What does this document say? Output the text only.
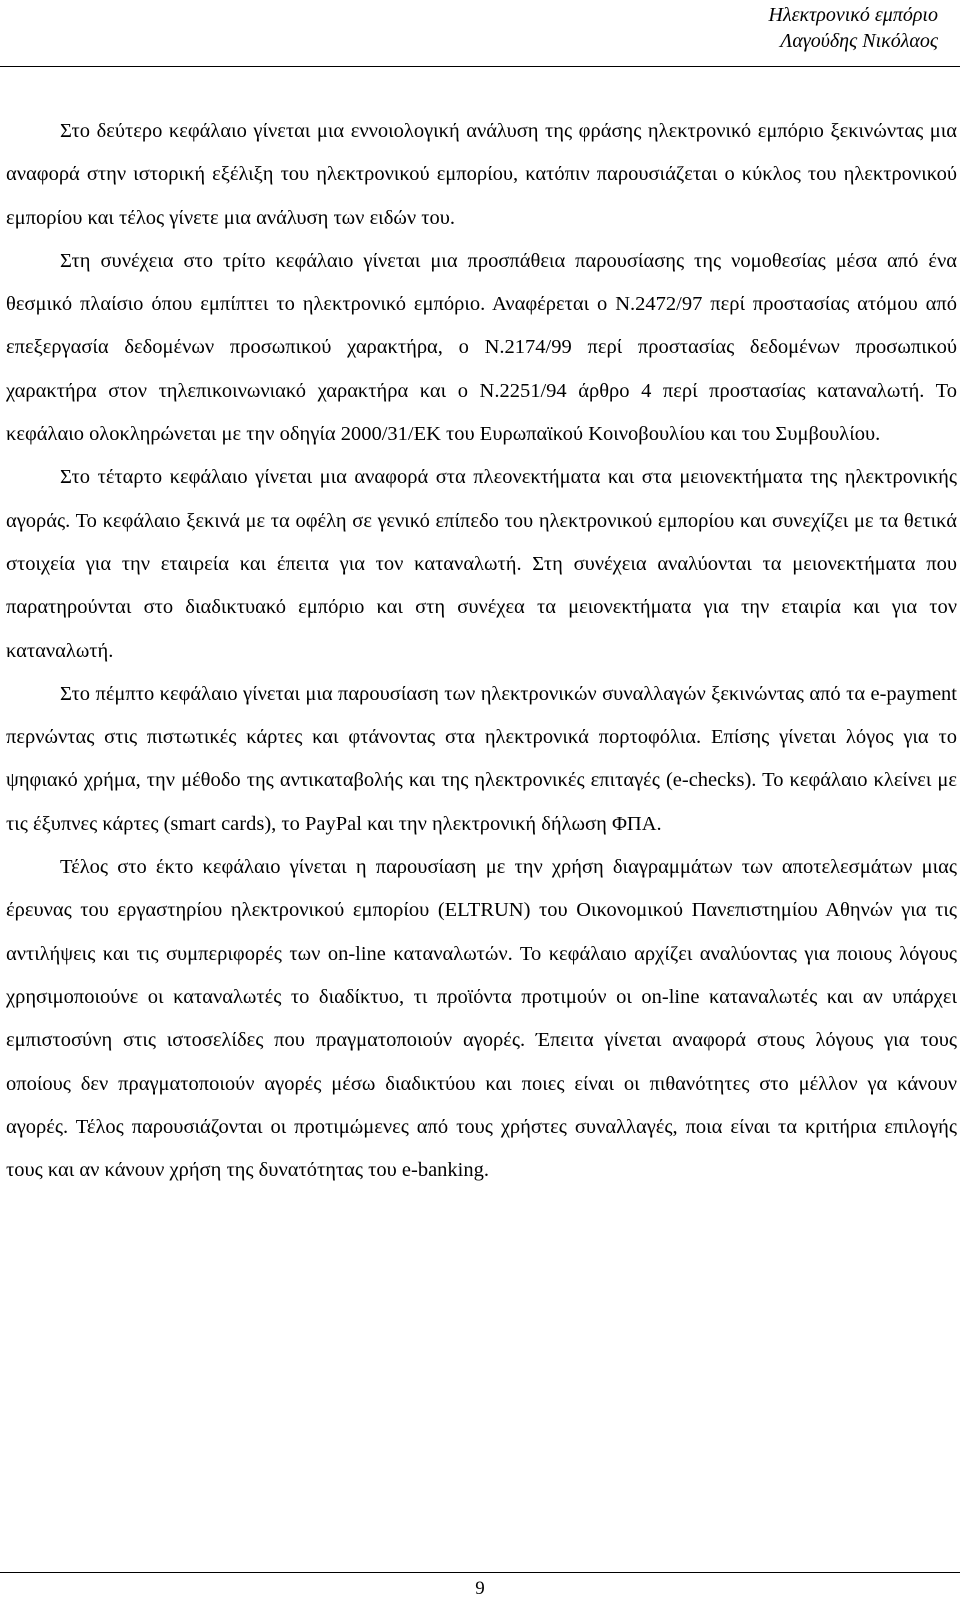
Ηλεκτρονικό εμπόριο
Λαγούδης Νικόλαος

Στο δεύτερο κεφάλαιο γίνεται μια εννοιολογική ανάλυση της φράσης ηλεκτρονικό εμπόριο ξεκινώντας μια αναφορά στην ιστορική εξέλιξη του ηλεκτρονικού εμπορίου, κατόπιν παρουσιάζεται ο κύκλος του ηλεκτρονικού εμπορίου και τέλος γίνετε μια ανάλυση των ειδών του.

Στη συνέχεια στο τρίτο κεφάλαιο γίνεται μια προσπάθεια παρουσίασης της νομοθεσίας μέσα από ένα θεσμικό πλαίσιο όπου εμπίπτει το ηλεκτρονικό εμπόριο. Αναφέρεται ο Ν.2472/97 περί προστασίας ατόμου από επεξεργασία δεδομένων προσωπικού χαρακτήρα, ο Ν.2174/99 περί προστασίας δεδομένων προσωπικού χαρακτήρα στον τηλεπικοινωνιακό χαρακτήρα και ο Ν.2251/94 άρθρο 4 περί προστασίας καταναλωτή. Το κεφάλαιο ολοκληρώνεται με την οδηγία 2000/31/ΕΚ του Ευρωπαϊκού Κοινοβουλίου και του Συμβουλίου.

Στο τέταρτο κεφάλαιο γίνεται μια αναφορά στα πλεονεκτήματα και στα μειονεκτήματα της ηλεκτρονικής αγοράς. Το κεφάλαιο ξεκινά με τα οφέλη σε γενικό επίπεδο του ηλεκτρονικού εμπορίου και συνεχίζει με τα θετικά στοιχεία για την εταιρεία και έπειτα για τον καταναλωτή. Στη συνέχεια αναλύονται τα μειονεκτήματα που παρατηρούνται στο διαδικτυακό εμπόριο και στη συνέχεα τα μειονεκτήματα για την εταιρία και για τον καταναλωτή.

Στο πέμπτο κεφάλαιο γίνεται μια παρουσίαση των ηλεκτρονικών συναλλαγών ξεκινώντας από τα e-payment περνώντας στις πιστωτικές κάρτες και φτάνοντας στα ηλεκτρονικά πορτοφόλια. Επίσης γίνεται λόγος για το ψηφιακό χρήμα, την μέθοδο της αντικαταβολής και της ηλεκτρονικές επιταγές (e-checks). Το κεφάλαιο κλείνει με τις έξυπνες κάρτες (smart cards), το PayPal και την ηλεκτρονική δήλωση ΦΠΑ.

Τέλος στο έκτο κεφάλαιο γίνεται η παρουσίαση με την χρήση διαγραμμάτων των αποτελεσμάτων μιας έρευνας του εργαστηρίου ηλεκτρονικού εμπορίου (ELTRUN) του Οικονομικού Πανεπιστημίου Αθηνών για τις αντιλήψεις και τις συμπεριφορές των on-line καταναλωτών. Το κεφάλαιο αρχίζει αναλύοντας για ποιους λόγους χρησιμοποιούνε οι καταναλωτές το διαδίκτυο, τι προϊόντα προτιμούν οι on-line καταναλωτές και αν υπάρχει εμπιστοσύνη στις ιστοσελίδες που πραγματοποιούν αγορές. Έπειτα γίνεται αναφορά στους λόγους για τους οποίους δεν πραγματοποιούν αγορές μέσω διαδικτύου και ποιες είναι οι πιθανότητες στο μέλλον γα κάνουν αγορές. Τέλος παρουσιάζονται οι προτιμώμενες από τους χρήστες συναλλαγές, ποια είναι τα κριτήρια επιλογής τους και αν κάνουν χρήση της δυνατότητας του e-banking.

9
